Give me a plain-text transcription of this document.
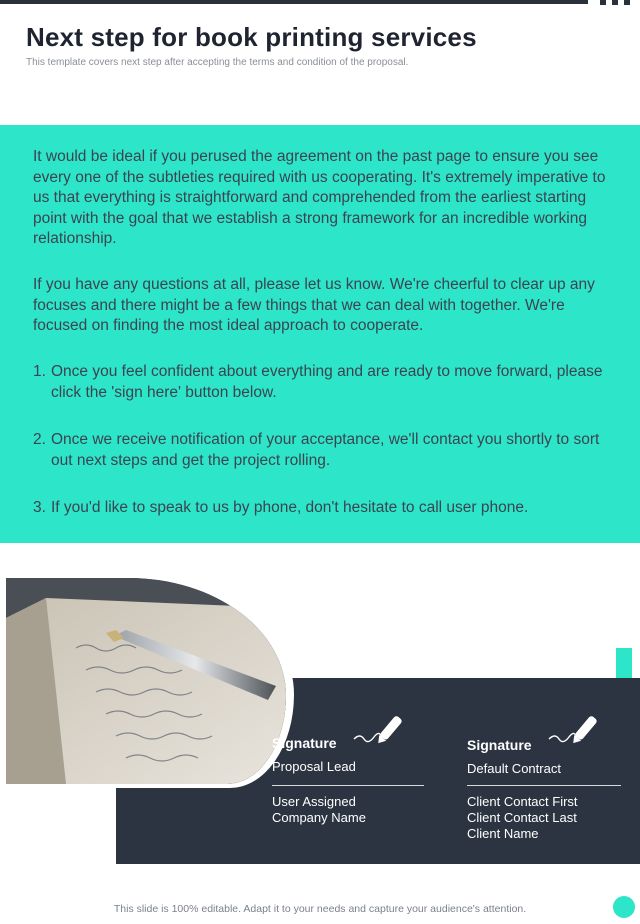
Next step for book printing services
This template covers next step after accepting the terms and condition of the proposal.

It would be ideal if you perused the agreement on the past page to ensure you see every one of the subtleties required with us cooperating. It's extremely imperative to us that everything is straightforward and comprehended from the earliest starting point with the goal that we establish a strong framework for an incredible working relationship.

If you have any questions at all, please let us know. We're cheerful to clear up any focuses and there might be a few things that we can deal with together. We're focused on finding the most ideal approach to cooperate.

1. Once you feel confident about everything and are ready to move forward, please click the 'sign here' button below.
2. Once we receive notification of your acceptance, we'll contact you shortly to sort out next steps and get the project rolling.
3. If you'd like to speak to us by phone, don't hesitate to call user phone.
Signature
Proposal Lead
User Assigned
Company Name
Signature
Default Contract
Client Contact First
Client Contact Last
Client Name
This slide is 100% editable. Adapt it to your needs and capture your audience's attention.
